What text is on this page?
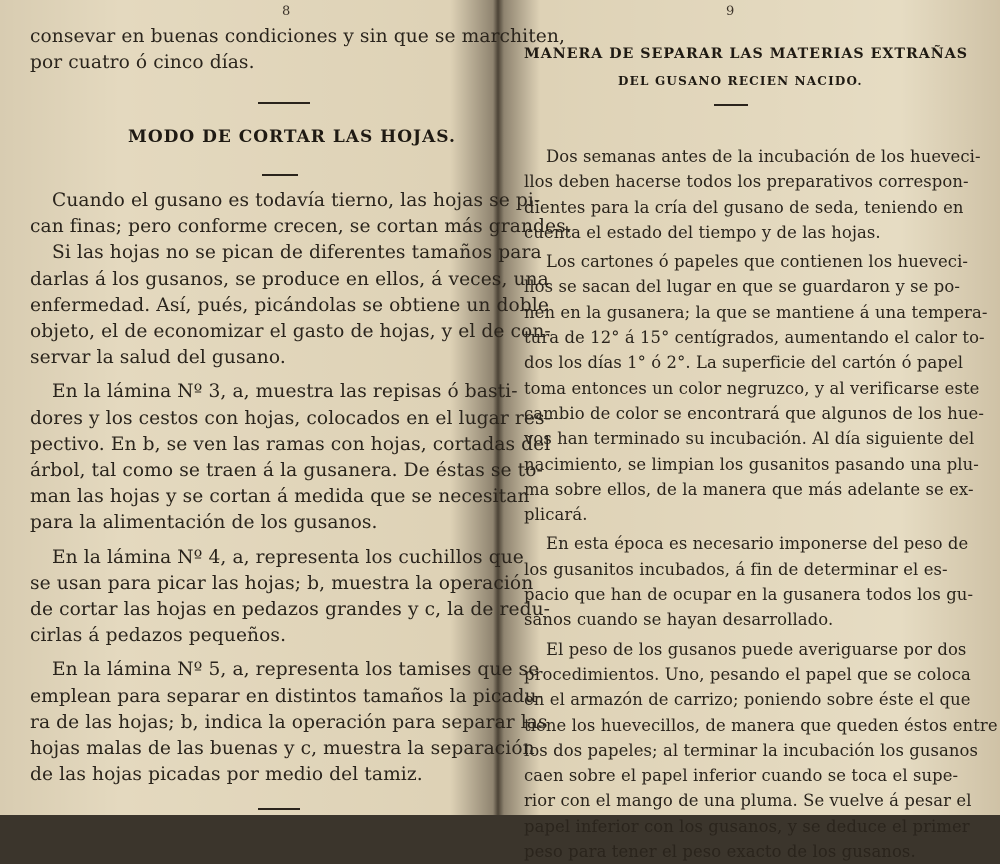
8
consevar en buenas condiciones y sin que se marchiten,
por cuatro ó cinco días.
MODO DE CORTAR LAS HOJAS.
Cuando el gusano es todavía tierno, las hojas se pi-
can finas; pero conforme crecen, se cortan más grandes.
Si las hojas no se pican de diferentes tamaños para
darlas á los gusanos, se produce en ellos, á veces, una
enfermedad. Así, pués, picándolas se obtiene un doble
objeto, el de economizar el gasto de hojas, y el de con-
servar la salud del gusano.
En la lámina Nº 3, a, muestra las repisas ó basti-
dores y los cestos con hojas, colocados en el lugar res-
pectivo. En b, se ven las ramas con hojas, cortadas del
árbol, tal como se traen á la gusanera. De éstas se to-
man las hojas y se cortan á medida que se necesitan
para la alimentación de los gusanos.
En la lámina Nº 4, a, representa los cuchillos que
se usan para picar las hojas; b, muestra la operación
de cortar las hojas en pedazos grandes y c, la de redu-
cirlas á pedazos pequeños.
En la lámina Nº 5, a, representa los tamises que se
emplean para separar en distintos tamaños la picadu-
ra de las hojas; b, indica la operación para separar las
hojas malas de las buenas y c, muestra la separación
de las hojas picadas por medio del tamiz.
9
MANERA DE SEPARAR LAS MATERIAS EXTRAÑAS
DEL GUSANO RECIEN NACIDO.
Dos semanas antes de la incubación de los hueveci-
llos deben hacerse todos los preparativos correspon-
dientes para la cría del gusano de seda, teniendo en
cuenta el estado del tiempo y de las hojas.
Los cartones ó papeles que contienen los hueveci-
llos se sacan del lugar en que se guardaron y se po-
nen en la gusanera; la que se mantiene á una tempera-
tura de 12° á 15° centígrados, aumentando el calor to-
dos los días 1° ó 2°. La superficie del cartón ó papel
toma entonces un color negruzco, y al verificarse este
cambio de color se encontrará que algunos de los hue-
vos han terminado su incubación. Al día siguiente del
nacimiento, se limpian los gusanitos pasando una plu-
ma sobre ellos, de la manera que más adelante se ex-
plicará.
En esta época es necesario imponerse del peso de
los gusanitos incubados, á fin de determinar el es-
pacio que han de ocupar en la gusanera todos los gu-
sanos cuando se hayan desarrollado.
El peso de los gusanos puede averiguarse por dos
procedimientos. Uno, pesando el papel que se coloca
en el armazón de carrizo; poniendo sobre éste el que
tiene los huevecillos, de manera que queden éstos entre
los dos papeles; al terminar la incubación los gusanos
caen sobre el papel inferior cuando se toca el supe-
rior con el mango de una pluma. Se vuelve á pesar el
papel inferior con los gusanos, y se deduce el primer
peso para tener el peso exacto de los gusanos.
